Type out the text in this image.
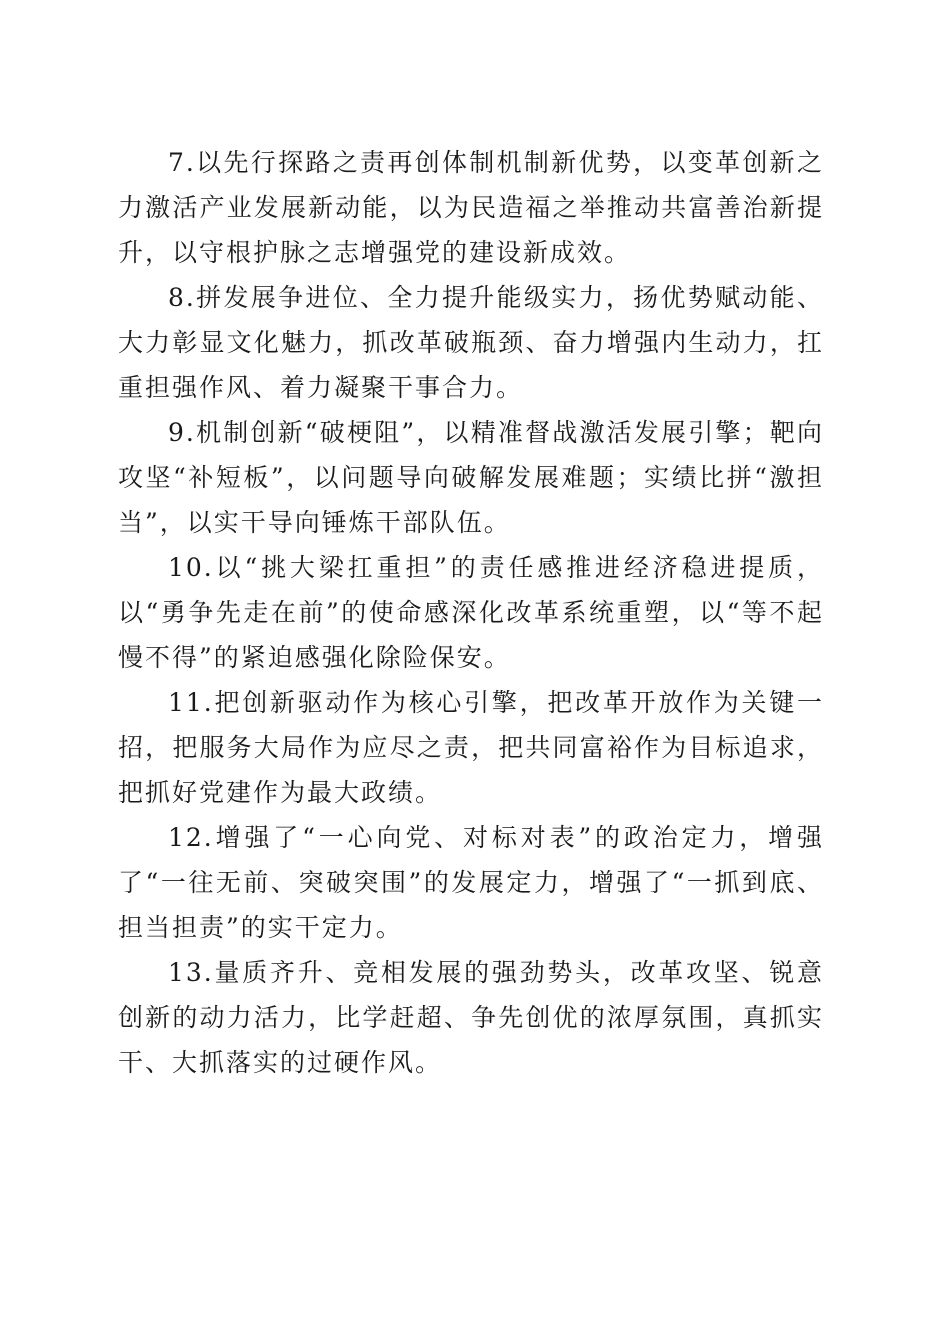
7.以先行探路之责再创体制机制新优势，以变革创新之力激活产业发展新动能，以为民造福之举推动共富善治新提升，以守根护脉之志增强党的建设新成效。

8.拼发展争进位、全力提升能级实力，扬优势赋动能、大力彰显文化魅力，抓改革破瓶颈、奋力增强内生动力，扛重担强作风、着力凝聚干事合力。

9.机制创新“破梗阻”，以精准督战激活发展引擎；靶向攻坚“补短板”，以问题导向破解发展难题；实绩比拼“激担当”，以实干导向锤炼干部队伍。

10.以“挑大梁扛重担”的责任感推进经济稳进提质，以“勇争先走在前”的使命感深化改革系统重塑，以“等不起慢不得”的紧迫感强化除险保安。

11.把创新驱动作为核心引擎，把改革开放作为关键一招，把服务大局作为应尽之责，把共同富裕作为目标追求，把抓好党建作为最大政绩。

12.增强了“一心向党、对标对表”的政治定力，增强了“一往无前、突破突围”的发展定力，增强了“一抓到底、担当担责”的实干定力。

13.量质齐升、竞相发展的强劲势头，改革攻坚、锐意创新的动力活力，比学赶超、争先创优的浓厚氛围，真抓实干、大抓落实的过硬作风。
